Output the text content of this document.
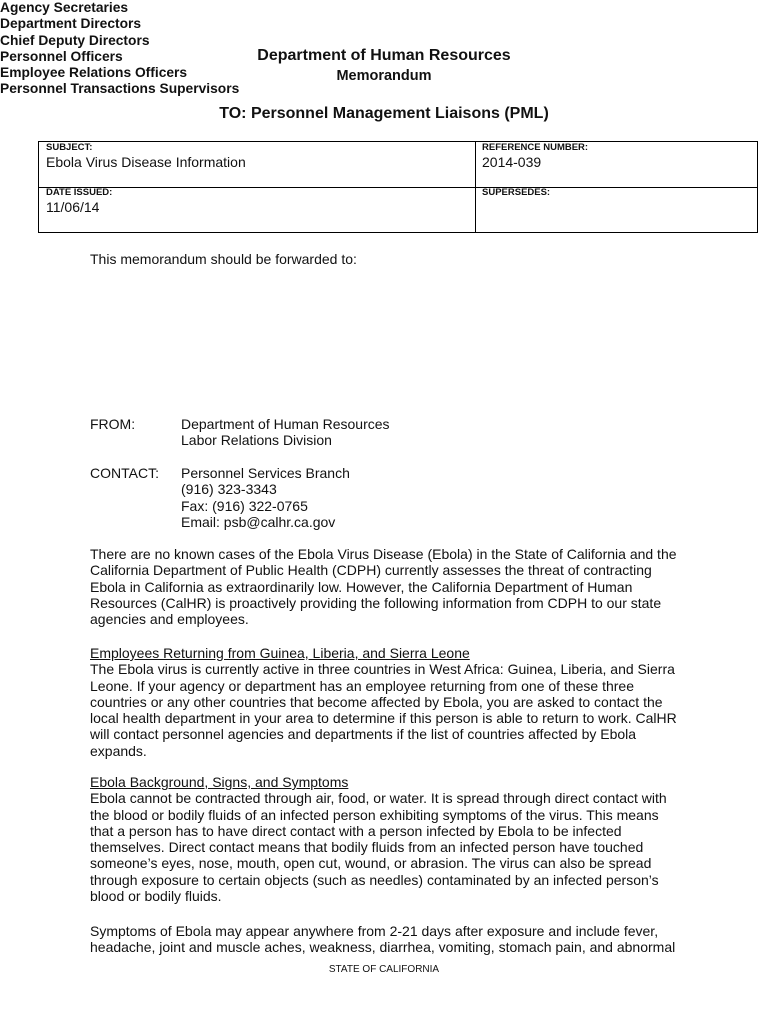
Department of Human Resources
Memorandum
TO: Personnel Management Liaisons (PML)
SUBJECT:
Ebola Virus Disease Information
REFERENCE NUMBER:
2014-039
DATE ISSUED:
11/06/14
SUPERSEDES:
This memorandum should be forwarded to:
Agency Secretaries
Department Directors
Chief Deputy Directors
Personnel Officers
Employee Relations Officers
Personnel Transactions Supervisors
FROM:	Department of Human Resources
Labor Relations Division
CONTACT: Personnel Services Branch
(916) 323-3343
Fax: (916) 322-0765
Email: psb@calhr.ca.gov
There are no known cases of the Ebola Virus Disease (Ebola) in the State of California and the
California Department of Public Health (CDPH) currently assesses the threat of contracting
Ebola in California as extraordinarily low. However, the California Department of Human
Resources (CalHR) is proactively providing the following information from CDPH to our state
agencies and employees.
Employees Returning from Guinea, Liberia, and Sierra Leone
The Ebola virus is currently active in three countries in West Africa: Guinea, Liberia, and Sierra
Leone. If your agency or department has an employee returning from one of these three
countries or any other countries that become affected by Ebola, you are asked to contact the
local health department in your area to determine if this person is able to return to work. CalHR
will contact personnel agencies and departments if the list of countries affected by Ebola
expands.
Ebola Background, Signs, and Symptoms
Ebola cannot be contracted through air, food, or water. It is spread through direct contact with
the blood or bodily fluids of an infected person exhibiting symptoms of the virus. This means
that a person has to have direct contact with a person infected by Ebola to be infected
themselves. Direct contact means that bodily fluids from an infected person have touched
someone’s eyes, nose, mouth, open cut, wound, or abrasion. The virus can also be spread
through exposure to certain objects (such as needles) contaminated by an infected person’s
blood or bodily fluids.
Symptoms of Ebola may appear anywhere from 2-21 days after exposure and include fever,
headache, joint and muscle aches, weakness, diarrhea, vomiting, stomach pain, and abnormal
STATE OF CALIFORNIA
